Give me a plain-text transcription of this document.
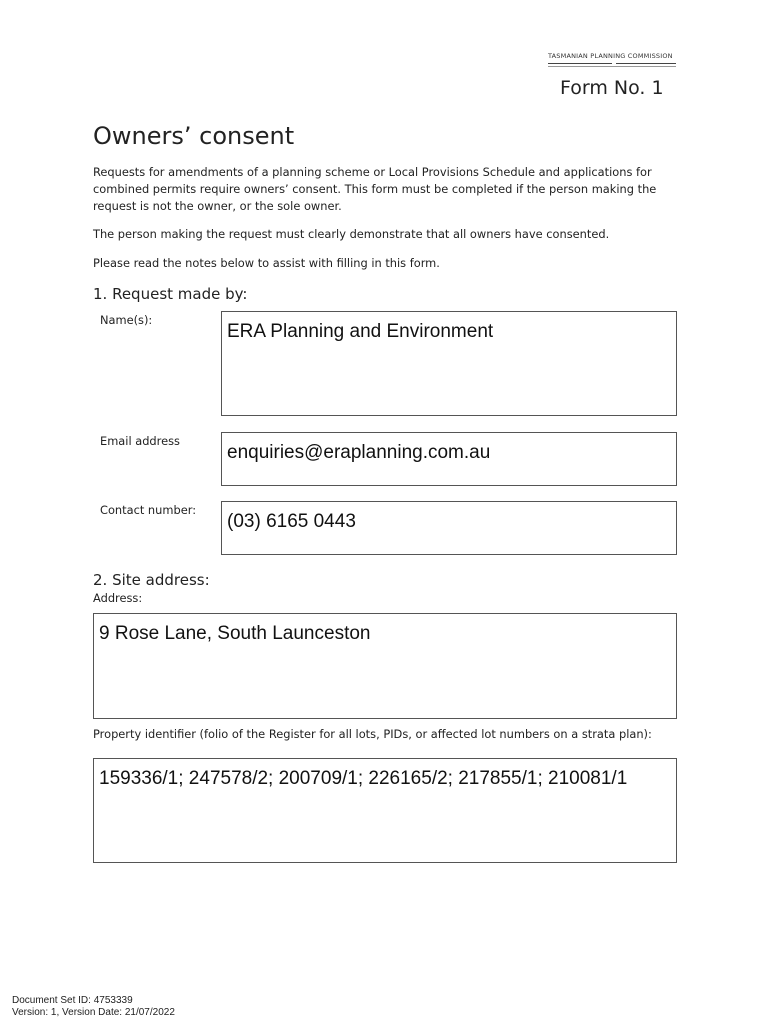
TASMANIAN PLANNING COMMISSION
Form No. 1
Owners’ consent
Requests for amendments of a planning scheme or Local Provisions Schedule and applications for combined permits require owners’ consent. This form must be completed if the person making the request is not the owner, or the sole owner.
The person making the request must clearly demonstrate that all owners have consented.
Please read the notes below to assist with filling in this form.
1. Request made by:
Name(s):
ERA Planning and Environment
Email address
enquiries@eraplanning.com.au
Contact number:
(03) 6165 0443
2. Site address:
Address:
9 Rose Lane, South Launceston
Property identifier (folio of the Register for all lots, PIDs, or affected lot numbers on a strata plan):
159336/1; 247578/2; 200709/1; 226165/2; 217855/1; 210081/1
Document Set ID: 4753339
Version: 1, Version Date: 21/07/2022
